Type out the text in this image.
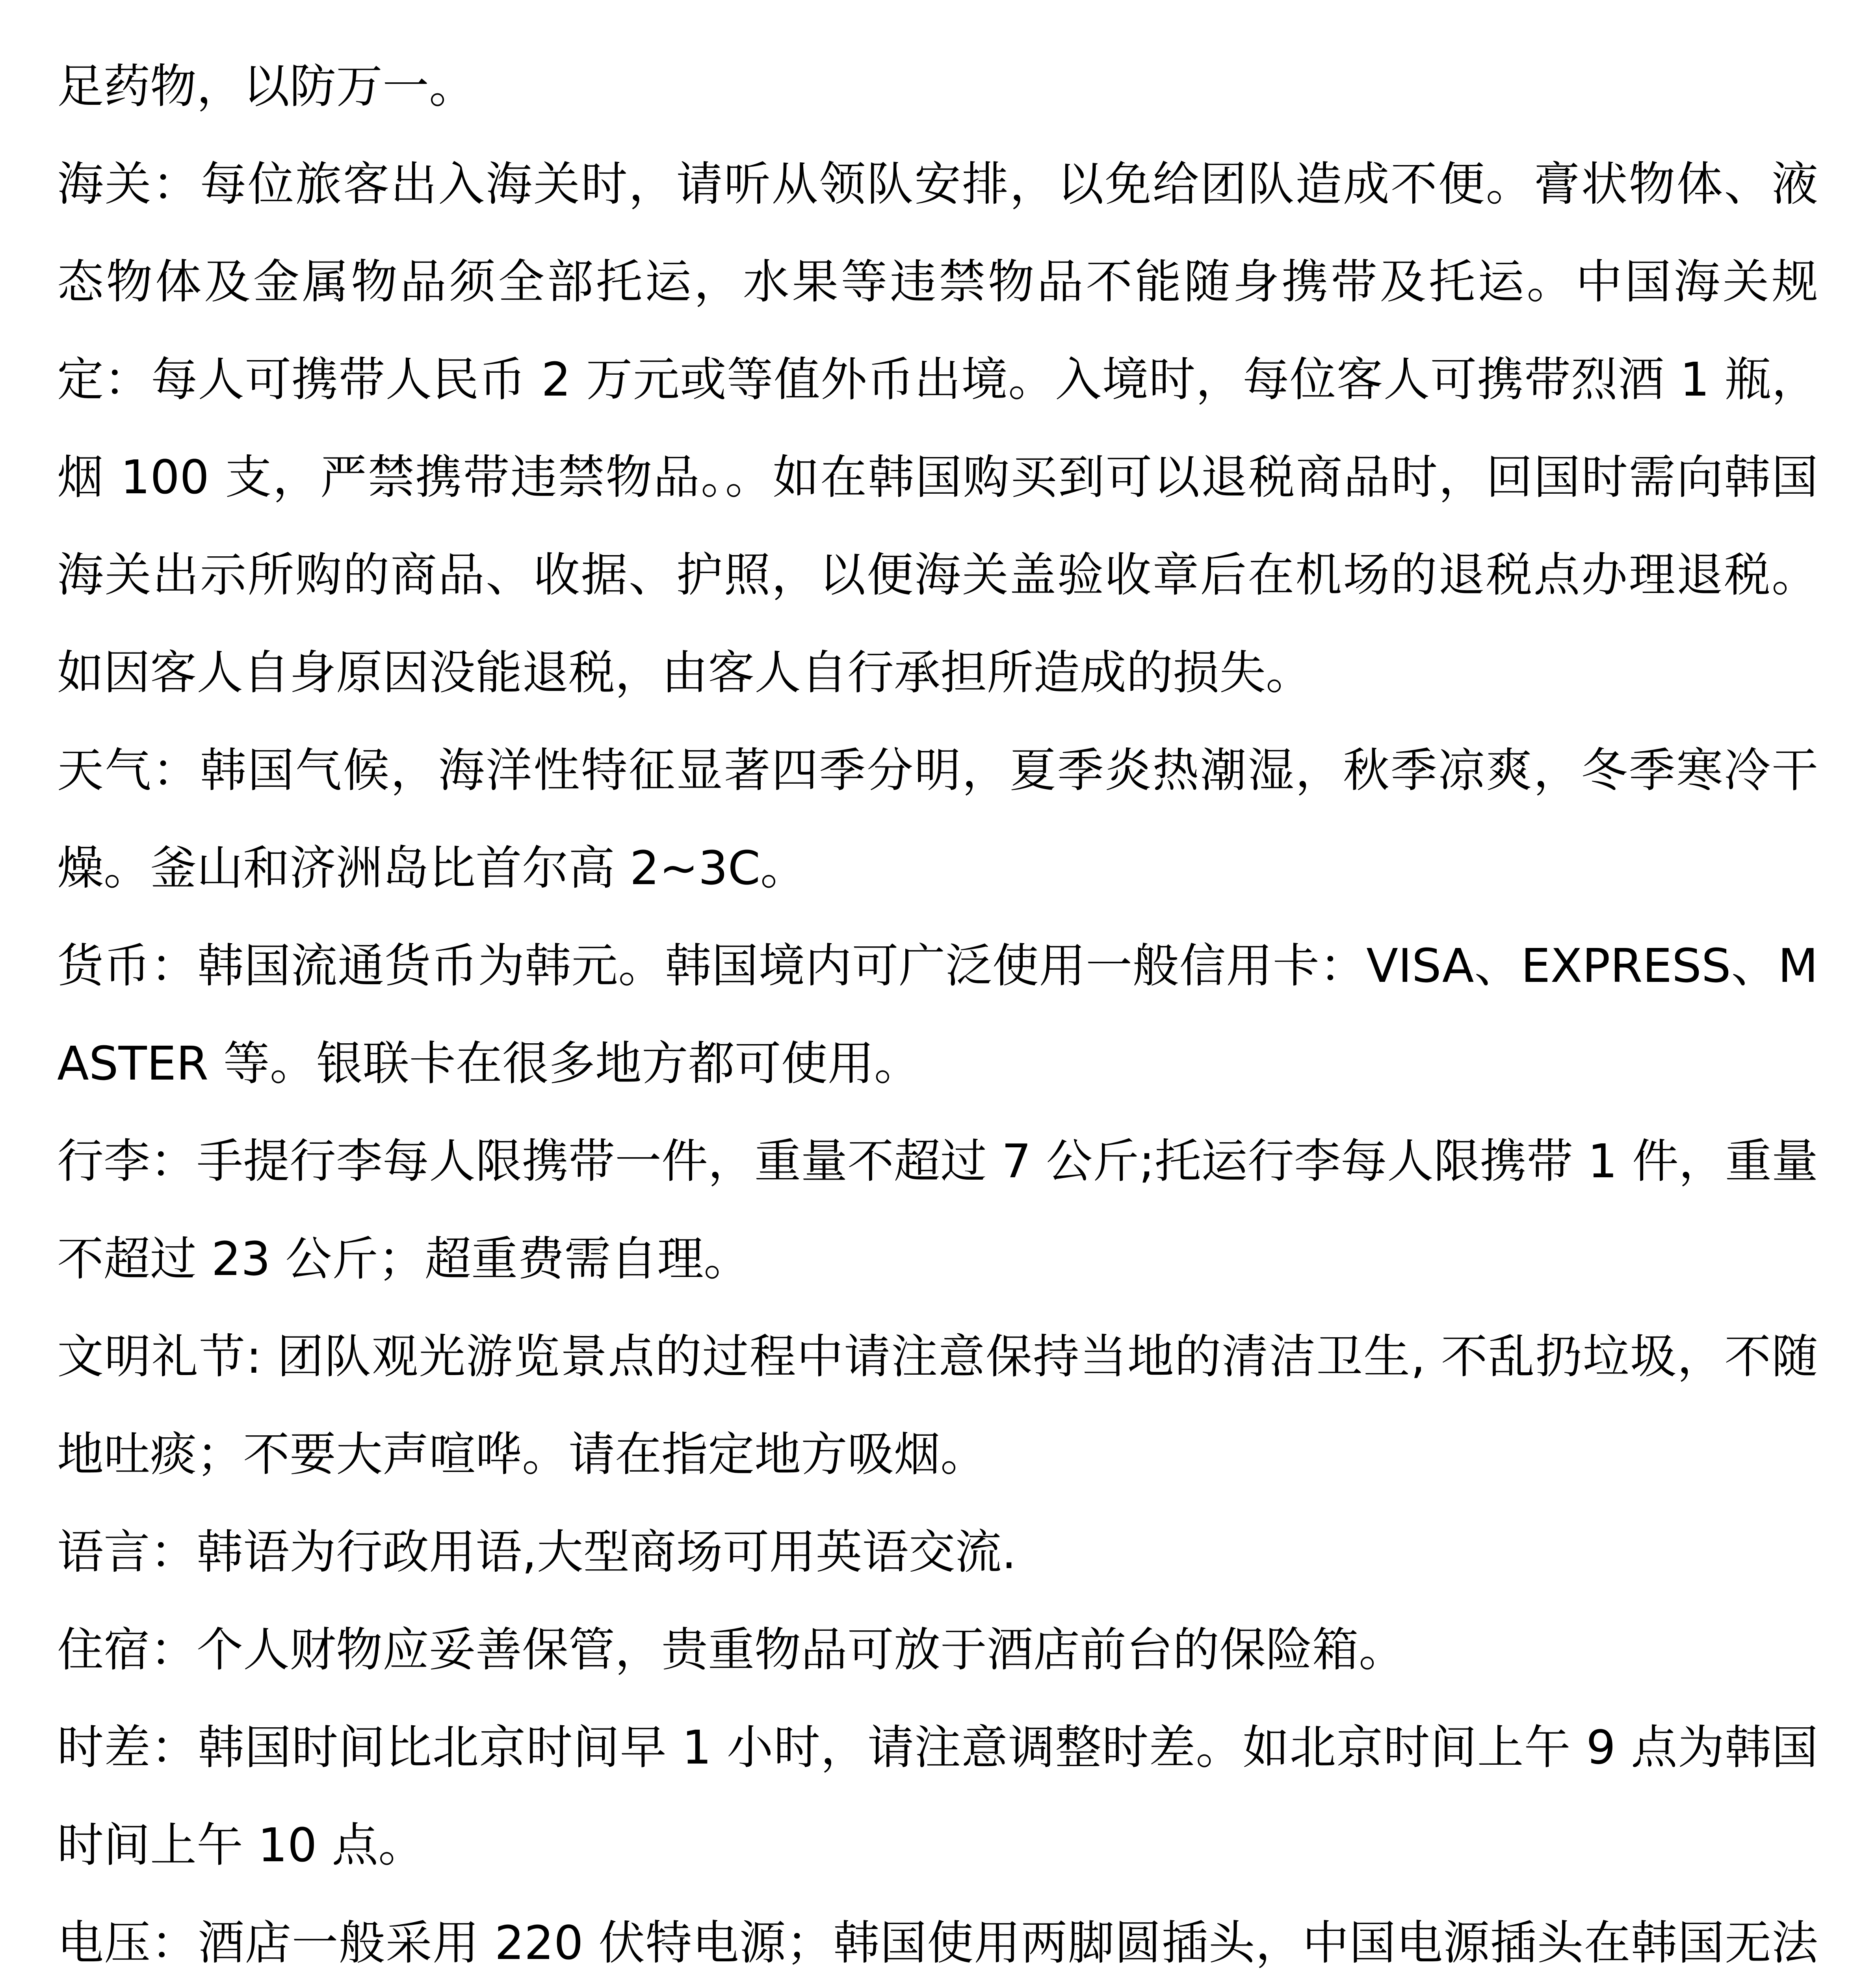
足药物，以防万一。

海关：每位旅客出入海关时，请听从领队安排，以免给团队造成不便。膏状物体、液态物体及金属物品须全部托运，水果等违禁物品不能随身携带及托运。中国海关规定：每人可携带人民币 2 万元或等值外币出境。入境时，每位客人可携带烈酒 1 瓶，烟 100 支，严禁携带违禁物品。。如在韩国购买到可以退税商品时，回国时需向韩国海关出示所购的商品、收据、护照，以便海关盖验收章后在机场的退税点办理退税。如因客人自身原因没能退税，由客人自行承担所造成的损失。

天气：韩国气候，海洋性特征显著四季分明，夏季炎热潮湿，秋季凉爽，冬季寒冷干燥。釜山和济洲岛比首尔高 2~3C。

货币：韩国流通货币为韩元。韩国境内可广泛使用一般信用卡：VISA、EXPRESS、MASTER 等。银联卡在很多地方都可使用。

行李：手提行李每人限携带一件，重量不超过 7 公斤;托运行李每人限携带 1 件，重量不超过 23 公斤；超重费需自理。

文明礼节: 团队观光游览景点的过程中请注意保持当地的清洁卫生, 不乱扔垃圾，不随地吐痰；不要大声喧哗。请在指定地方吸烟。

语言：韩语为行政用语,大型商场可用英语交流.

住宿：个人财物应妥善保管，贵重物品可放于酒店前台的保险箱。

时差：韩国时间比北京时间早 1 小时，请注意调整时差。如北京时间上午 9 点为韩国时间上午 10 点。

电压：酒店一般采用 220 伏特电源；韩国使用两脚圆插头，中国电源插头在韩国无法
